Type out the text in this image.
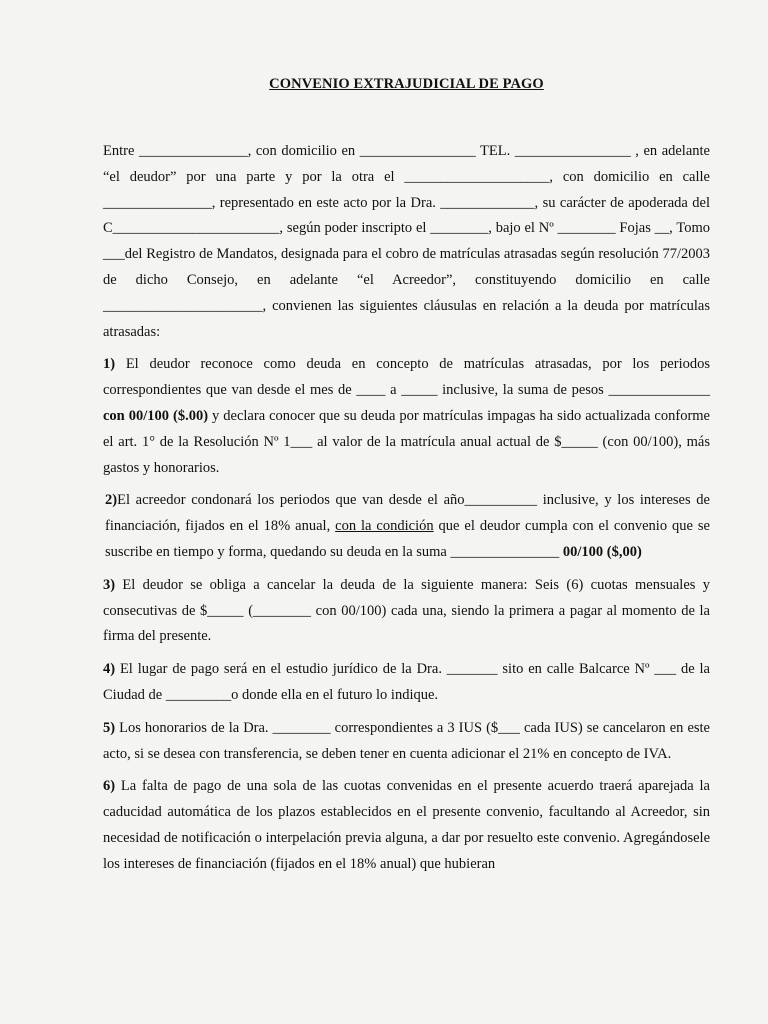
CONVENIO EXTRAJUDICIAL DE PAGO

Entre _______________, con domicilio en ________________ TEL. ________________ , en adelante “el deudor” por una parte y por la otra el ____________________, con domicilio en calle _______________, representado en este acto por la Dra. _____________, su carácter de apoderada del C_______________________, según poder inscripto el ________, bajo el Nº ________ Fojas __, Tomo ___del Registro de Mandatos, designada para el cobro de matrículas atrasadas según resolución 77/2003 de dicho Consejo, en adelante “el Acreedor”, constituyendo domicilio en calle ______________________, convienen las siguientes cláusulas en relación a la deuda por matrículas atrasadas:

1) El deudor reconoce como deuda en concepto de matrículas atrasadas, por los periodos correspondientes que van desde el mes de ____ a _____ inclusive, la suma de pesos ______________ con 00/100 ($.00) y declara conocer que su deuda por matrículas impagas ha sido actualizada conforme el art. 1° de la Resolución Nº 1___ al valor de la matrícula anual actual de $_____ (con 00/100), más gastos y honorarios.

2)El acreedor condonará los periodos que van desde el año__________ inclusive, y los intereses de financiación, fijados en el 18% anual, con la condición que el deudor cumpla con el convenio que se suscribe en tiempo y forma, quedando su deuda en la suma _______________ 00/100 ($,00)

3) El deudor se obliga a cancelar la deuda de la siguiente manera: Seis (6) cuotas mensuales y consecutivas de $_____ (________ con 00/100) cada una, siendo la primera a pagar al momento de la firma del presente.

4) El lugar de pago será en el estudio jurídico de la Dra. _______ sito en calle Balcarce Nº ___ de la Ciudad de _________o donde ella en el futuro lo indique.

5) Los honorarios de la Dra. ________ correspondientes a 3 IUS ($___ cada IUS) se cancelaron en este acto, si se desea con transferencia, se deben tener en cuenta adicionar el 21% en concepto de IVA.

6) La falta de pago de una sola de las cuotas convenidas en el presente acuerdo traerá aparejada la caducidad automática de los plazos establecidos en el presente convenio, facultando al Acreedor, sin necesidad de notificación o interpelación previa alguna, a dar por resuelto este convenio. Agregándosele los intereses de financiación (fijados en el 18% anual) que hubieran
